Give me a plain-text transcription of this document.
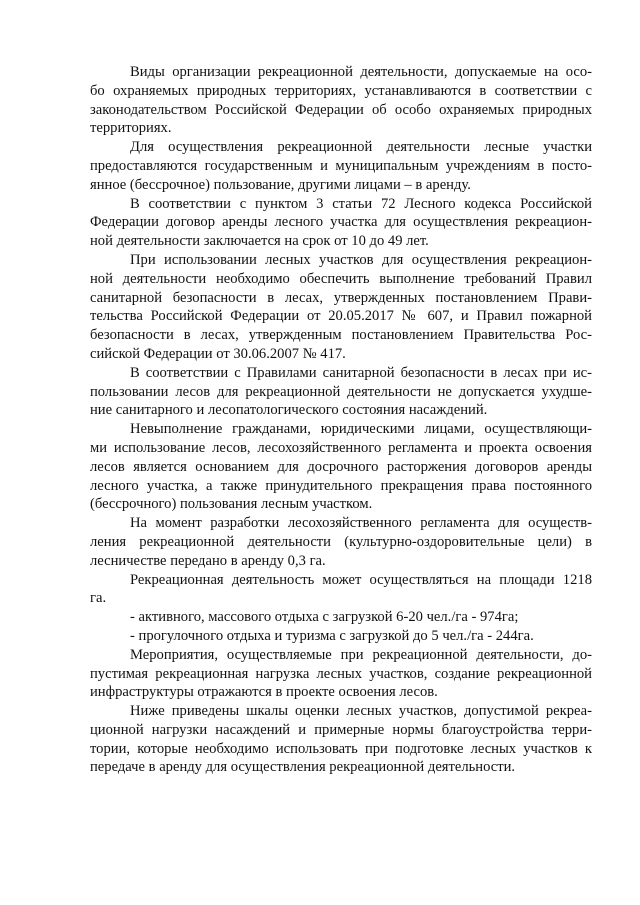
Виды организации рекреационной деятельности, допускаемые на осо-
бо охраняемых природных территориях, устанавливаются в соответствии с
законодательством Российской Федерации об особо охраняемых природных
территориях.

Для осуществления рекреационной деятельности лесные участки
предоставляются государственным и муниципальным учреждениям в посто-
янное (бессрочное) пользование, другими лицами – в аренду.

В соответствии с пунктом 3 статьи 72 Лесного кодекса Российской
Федерации договор аренды лесного участка для осуществления рекреацион-
ной деятельности заключается на срок от 10 до 49 лет.

При использовании лесных участков для осуществления рекреацион-
ной деятельности необходимо обеспечить выполнение требований Правил
санитарной безопасности в лесах, утвержденных постановлением Прави-
тельства Российской Федерации от 20.05.2017 № 607, и Правил пожарной
безопасности в лесах, утвержденным постановлением Правительства Рос-
сийской Федерации от 30.06.2007 № 417.

В соответствии с Правилами санитарной безопасности в лесах при ис-
пользовании лесов для рекреационной деятельности не допускается ухудше-
ние санитарного и лесопатологического состояния насаждений.

Невыполнение гражданами, юридическими лицами, осуществляющи-
ми использование лесов, лесохозяйственного регламента и проекта освоения
лесов является основанием для досрочного расторжения договоров аренды
лесного участка, а также принудительного прекращения права постоянного
(бессрочного) пользования лесным участком.

На момент разработки лесохозяйственного регламента для осуществ-
ления рекреационной деятельности (культурно-оздоровительные цели) в
лесничестве передано в аренду 0,3 га.

Рекреационная деятельность может осуществляться на площади 1218
га.

- активного, массового отдыха с загрузкой 6-20 чел./га - 974га;

- прогулочного отдыха и туризма с загрузкой до 5 чел./га - 244га.

Мероприятия, осуществляемые при рекреационной деятельности, до-
пустимая рекреационная нагрузка лесных участков, создание рекреационной
инфраструктуры отражаются в проекте освоения лесов.

Ниже приведены шкалы оценки лесных участков, допустимой рекреа-
ционной нагрузки насаждений и примерные нормы благоустройства терри-
тории, которые необходимо использовать при подготовке лесных участков к
передаче в аренду для осуществления рекреационной деятельности.
